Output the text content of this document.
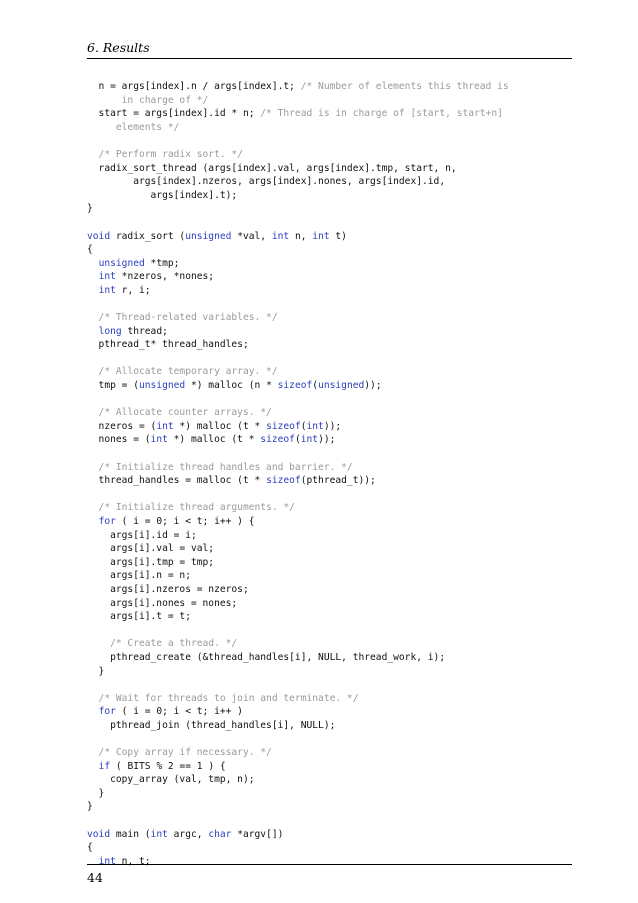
6. Results
n = args[index].n / args[index].t; /* Number of elements this thread is
in charge of */
start = args[index].id * n; /* Thread is in charge of [start, start+n]
elements */

/* Perform radix sort. */
radix_sort_thread (args[index].val, args[index].tmp, start, n,
args[index].nzeros, args[index].nones, args[index].id,
args[index].t);
}

void radix_sort (unsigned *val, int n, int t)
{
unsigned *tmp;
int *nzeros, *nones;
int r, i;

/* Thread-related variables. */
long thread;
pthread_t* thread_handles;

/* Allocate temporary array. */
tmp = (unsigned *) malloc (n * sizeof(unsigned));

/* Allocate counter arrays. */
nzeros = (int *) malloc (t * sizeof(int));
nones = (int *) malloc (t * sizeof(int));

/* Initialize thread handles and barrier. */
thread_handles = malloc (t * sizeof(pthread_t));

/* Initialize thread arguments. */
for ( i = 0; i < t; i++ ) {
args[i].id = i;
args[i].val = val;
args[i].tmp = tmp;
args[i].n = n;
args[i].nzeros = nzeros;
args[i].nones = nones;
args[i].t = t;

/* Create a thread. */
pthread_create (&thread_handles[i], NULL, thread_work, i);
}

/* Wait for threads to join and terminate. */
for ( i = 0; i < t; i++ )
pthread_join (thread_handles[i], NULL);

/* Copy array if necessary. */
if ( BITS % 2 == 1 ) {
copy_array (val, tmp, n);
}
}

void main (int argc, char *argv[])
{
int n, t;
44
